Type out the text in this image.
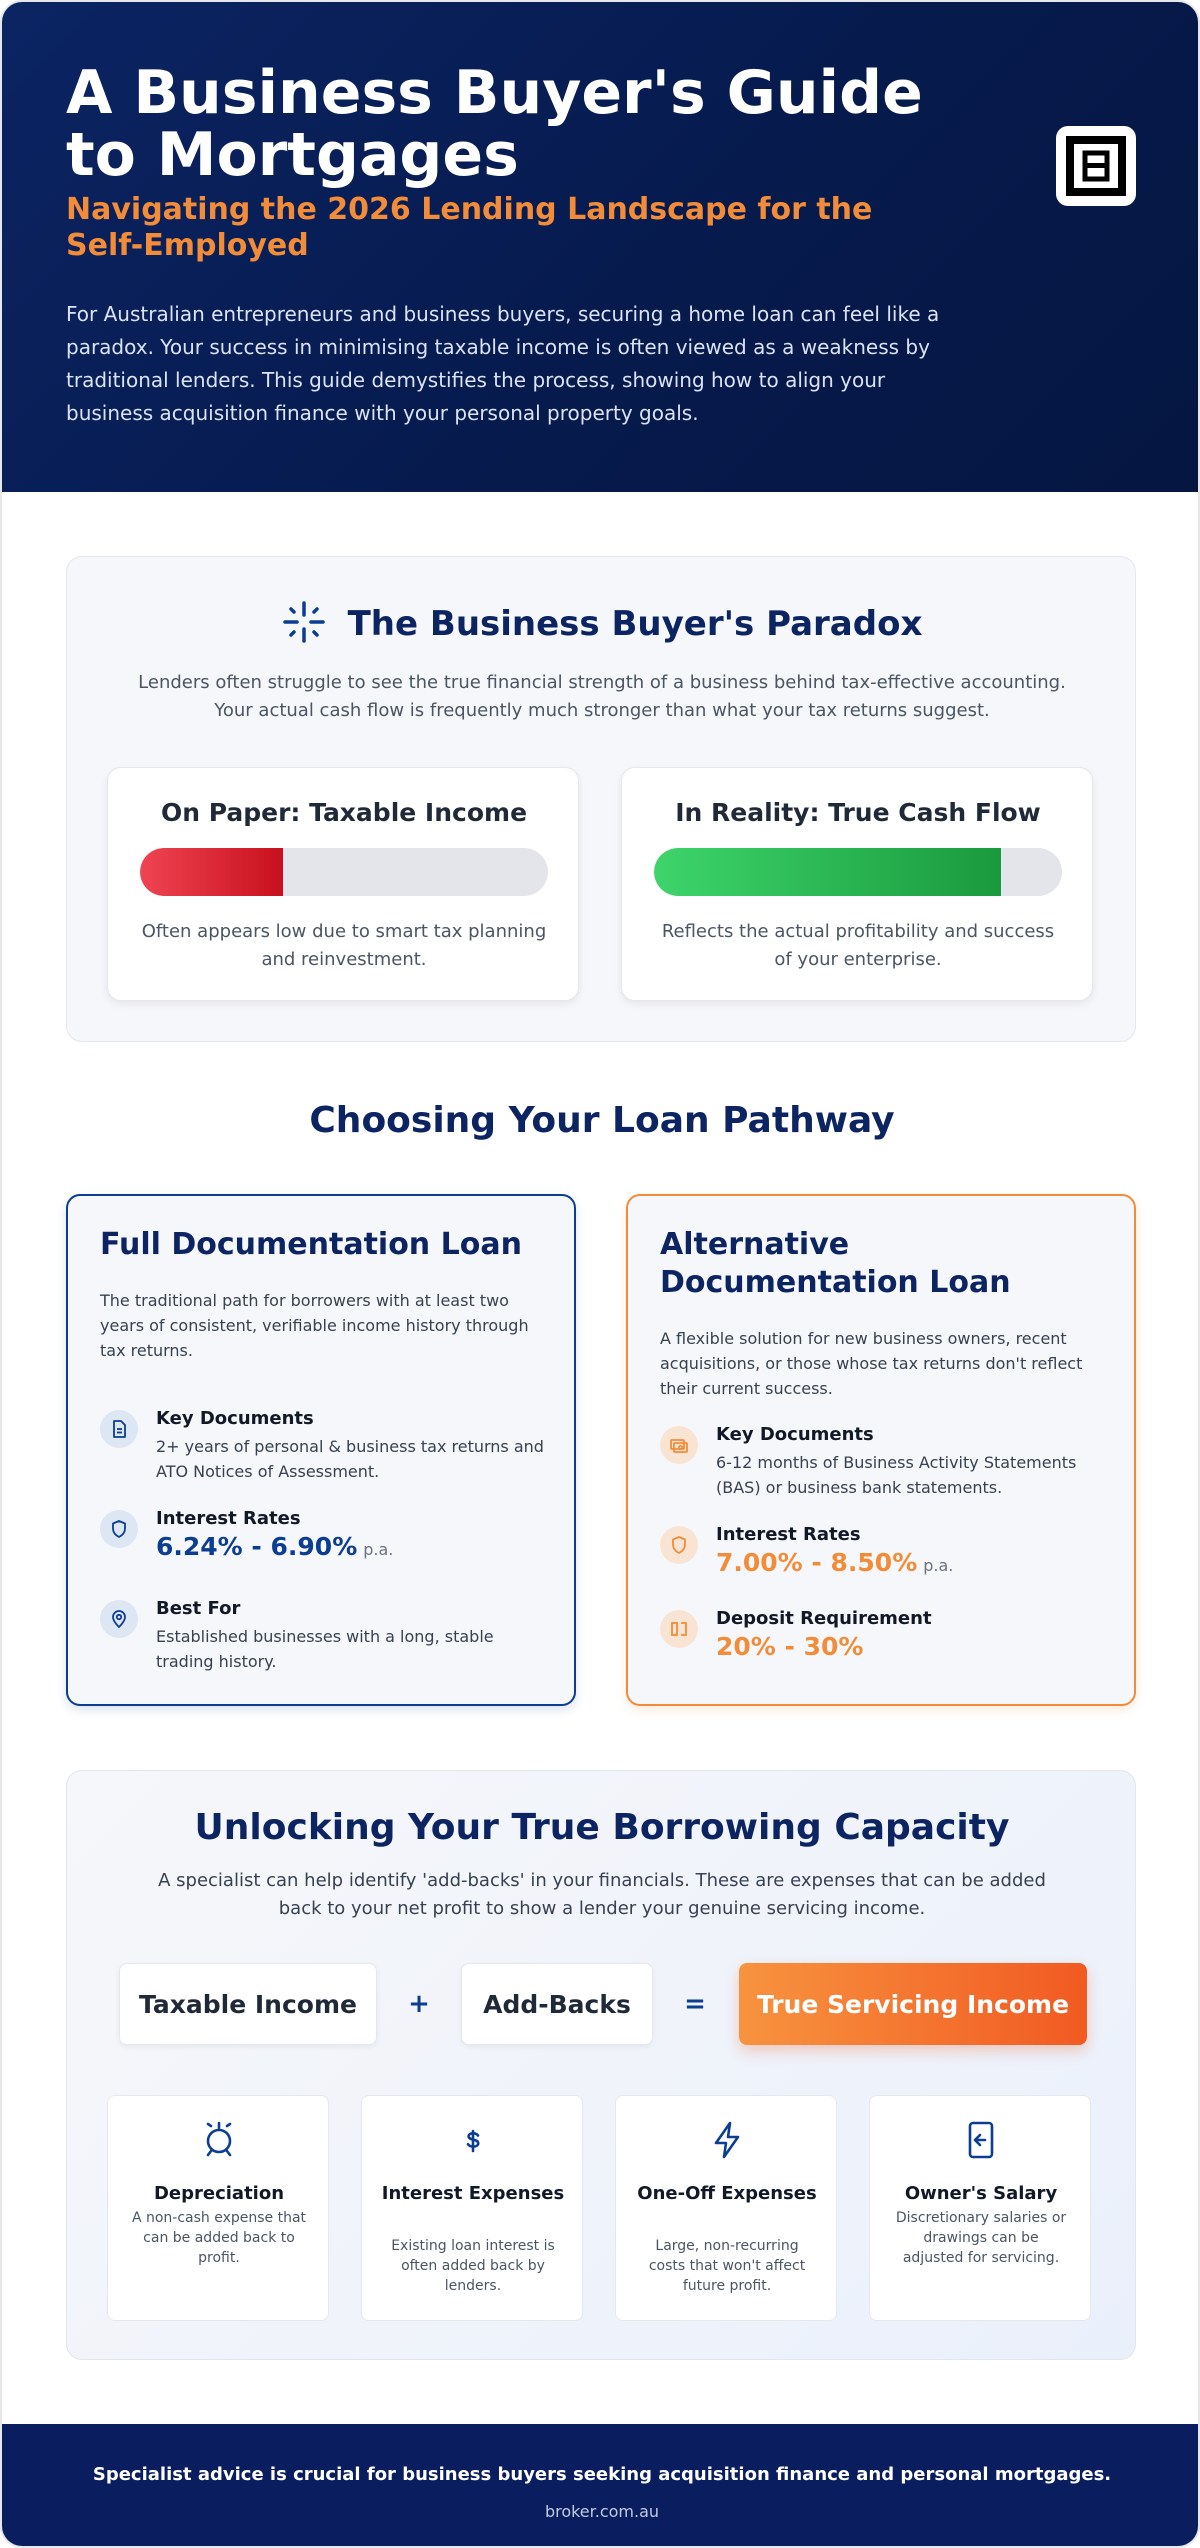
A Business Buyer's Guide to Mortgages
Navigating the 2026 Lending Landscape for the Self-Employed

For Australian entrepreneurs and business buyers, securing a home loan can feel like a paradox. Your success in minimising taxable income is often viewed as a weakness by traditional lenders. This guide demystifies the process, showing how to align your business acquisition finance with your personal property goals.

The Business Buyer's Paradox

Lenders often struggle to see the true financial strength of a business behind tax-effective accounting. Your actual cash flow is frequently much stronger than what your tax returns suggest.

On Paper: Taxable Income
Often appears low due to smart tax planning and reinvestment.
In Reality: True Cash Flow
Reflects the actual profitability and success of your enterprise.
Choosing Your Loan Pathway
Full Documentation Loan

The traditional path for borrowers with at least two years of consistent, verifiable income history through tax returns.

Key Documents
2+ years of personal & business tax returns and ATO Notices of Assessment.
Interest Rates
6.24% - 6.90% p.a.
Best For
Established businesses with a long, stable trading history.
Alternative Documentation Loan

A flexible solution for new business owners, recent acquisitions, or those whose tax returns don't reflect their current success.

Key Documents
6-12 months of Business Activity Statements (BAS) or business bank statements.
Interest Rates
7.00% - 8.50% p.a.
Deposit Requirement
20% - 30%
Unlocking Your True Borrowing Capacity

A specialist can help identify 'add-backs' in your financials. These are expenses that can be added back to your net profit to show a lender your genuine servicing income.

Taxable Income	+	Add-Backs	=	True Servicing Income
Depreciation
A non-cash expense that can be added back to profit.
Interest Expenses
Existing loan interest is often added back by lenders.
One-Off Expenses
Large, non-recurring costs that won't affect future profit.
Owner's Salary
Discretionary salaries or drawings can be adjusted for servicing.
Specialist advice is crucial for business buyers seeking acquisition finance and personal mortgages.
broker.com.au
